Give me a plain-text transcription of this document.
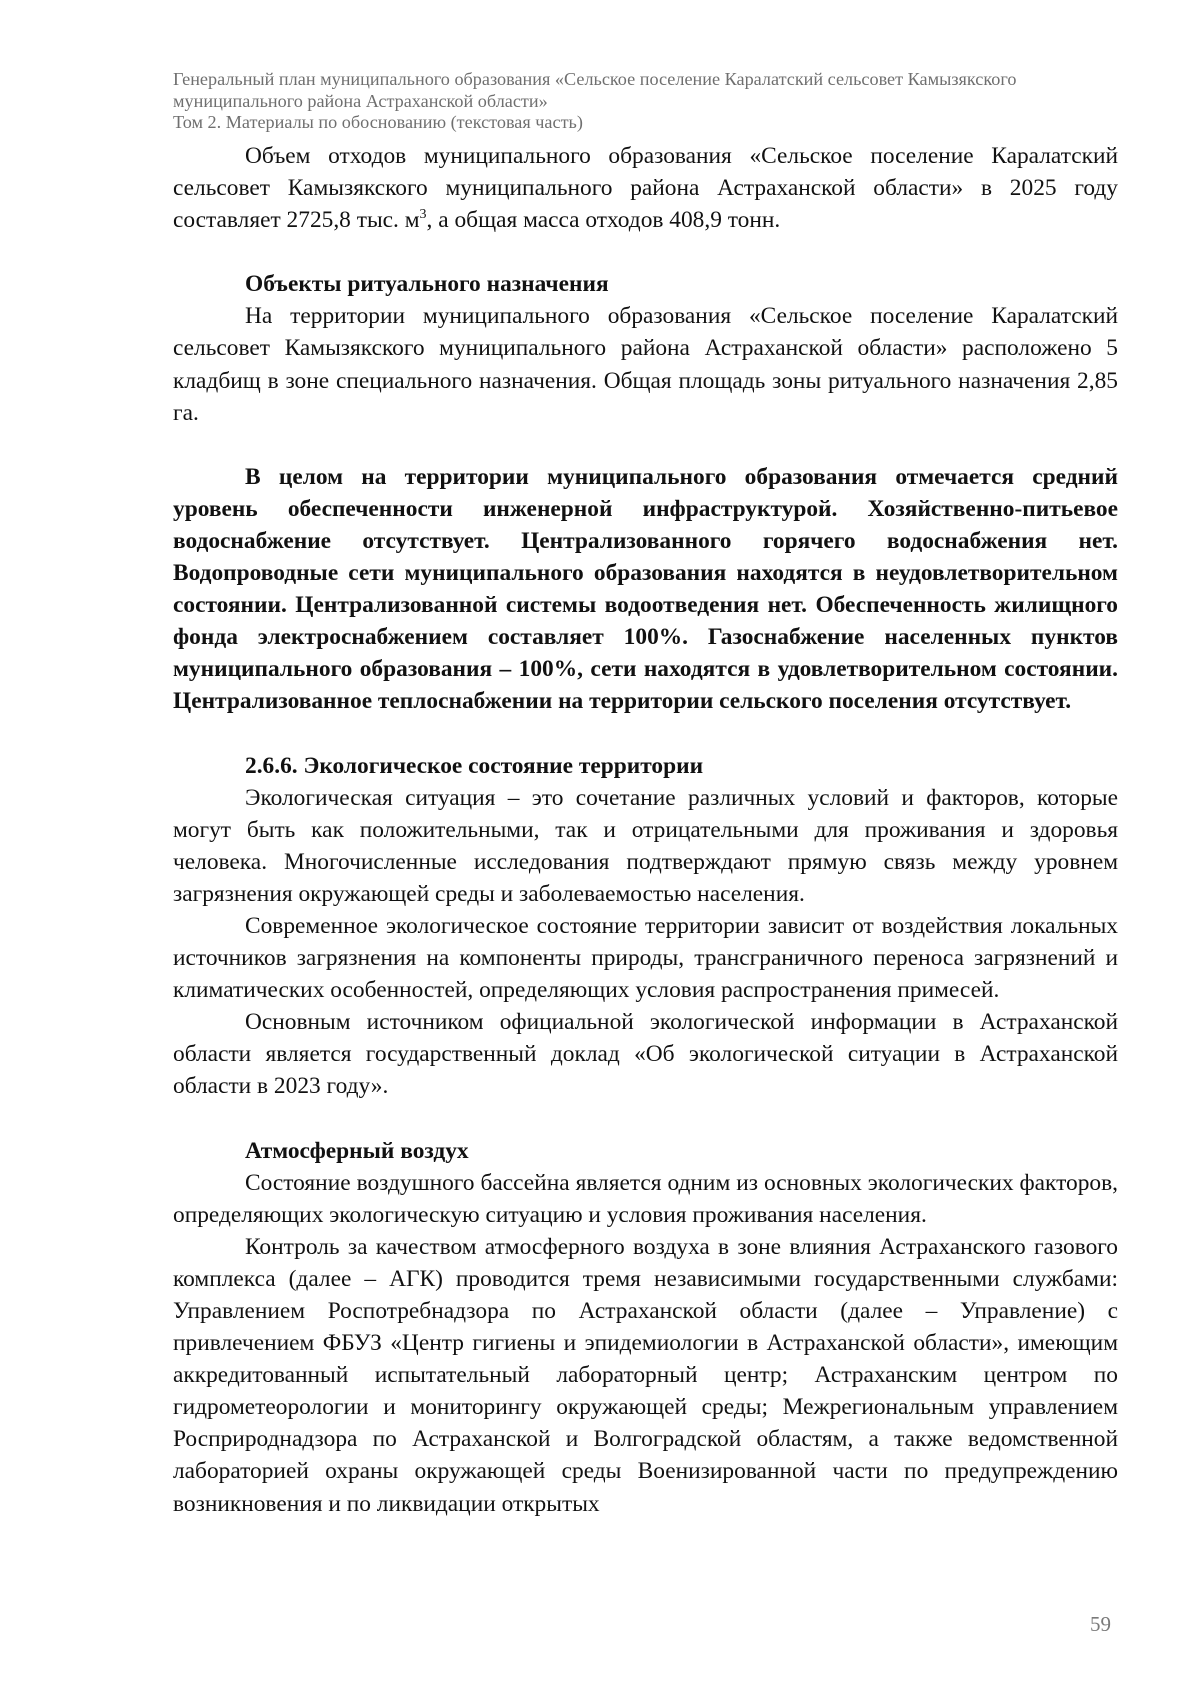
Генеральный план муниципального образования «Сельское поселение Каралатский сельсовет Камызякского
муниципального района Астраханской области»
Том 2. Материалы по обоснованию (текстовая часть)

Объем отходов муниципального образования «Сельское поселение Каралатский сельсовет Камызякского муниципального района Астраханской области» в 2025 году составляет 2725,8 тыс. $м^3$, а общая масса отходов 408,9 тонн.

Объекты ритуального назначения

На территории муниципального образования «Сельское поселение Каралатский сельсовет Камызякского муниципального района Астраханской области» расположено 5 кладбищ в зоне специального назначения. Общая площадь зоны ритуального назначения 2,85 га.

В целом на территории муниципального образования отмечается средний уровень обеспеченности инженерной инфраструктурой. Хозяйственно-питьевое водоснабжение отсутствует. Централизованного горячего водоснабжения нет. Водопроводные сети муниципального образования находятся в неудовлетворительном состоянии. Централизованной системы водоотведения нет. Обеспеченность жилищного фонда электроснабжением составляет 100%. Газоснабжение населенных пунктов муниципального образования – 100%, сети находятся в удовлетворительном состоянии. Централизованное теплоснабжении на территории сельского поселения отсутствует.

2.6.6. Экологическое состояние территории

Экологическая ситуация – это сочетание различных условий и факторов, которые могут быть как положительными, так и отрицательными для проживания и здоровья человека. Многочисленные исследования подтверждают прямую связь между уровнем загрязнения окружающей среды и заболеваемостью населения.

Современное экологическое состояние территории зависит от воздействия локальных источников загрязнения на компоненты природы, трансграничного переноса загрязнений и климатических особенностей, определяющих условия распространения примесей.

Основным источником официальной экологической информации в Астраханской области является государственный доклад «Об экологической ситуации в Астраханской области в 2023 году».

Атмосферный воздух

Состояние воздушного бассейна является одним из основных экологических факторов, определяющих экологическую ситуацию и условия проживания населения.

Контроль за качеством атмосферного воздуха в зоне влияния Астраханского газового комплекса (далее – АГК) проводится тремя независимыми государственными службами: Управлением Роспотребнадзора по Астраханской области (далее – Управление) с привлечением ФБУЗ «Центр гигиены и эпидемиологии в Астраханской области», имеющим аккредитованный испытательный лабораторный центр; Астраханским центром по гидрометеорологии и мониторингу окружающей среды; Межрегиональным управлением Росприроднадзора по Астраханской и Волгоградской областям, а также ведомственной лабораторией охраны окружающей среды Военизированной части по предупреждению возникновения и по ликвидации открытых

59
